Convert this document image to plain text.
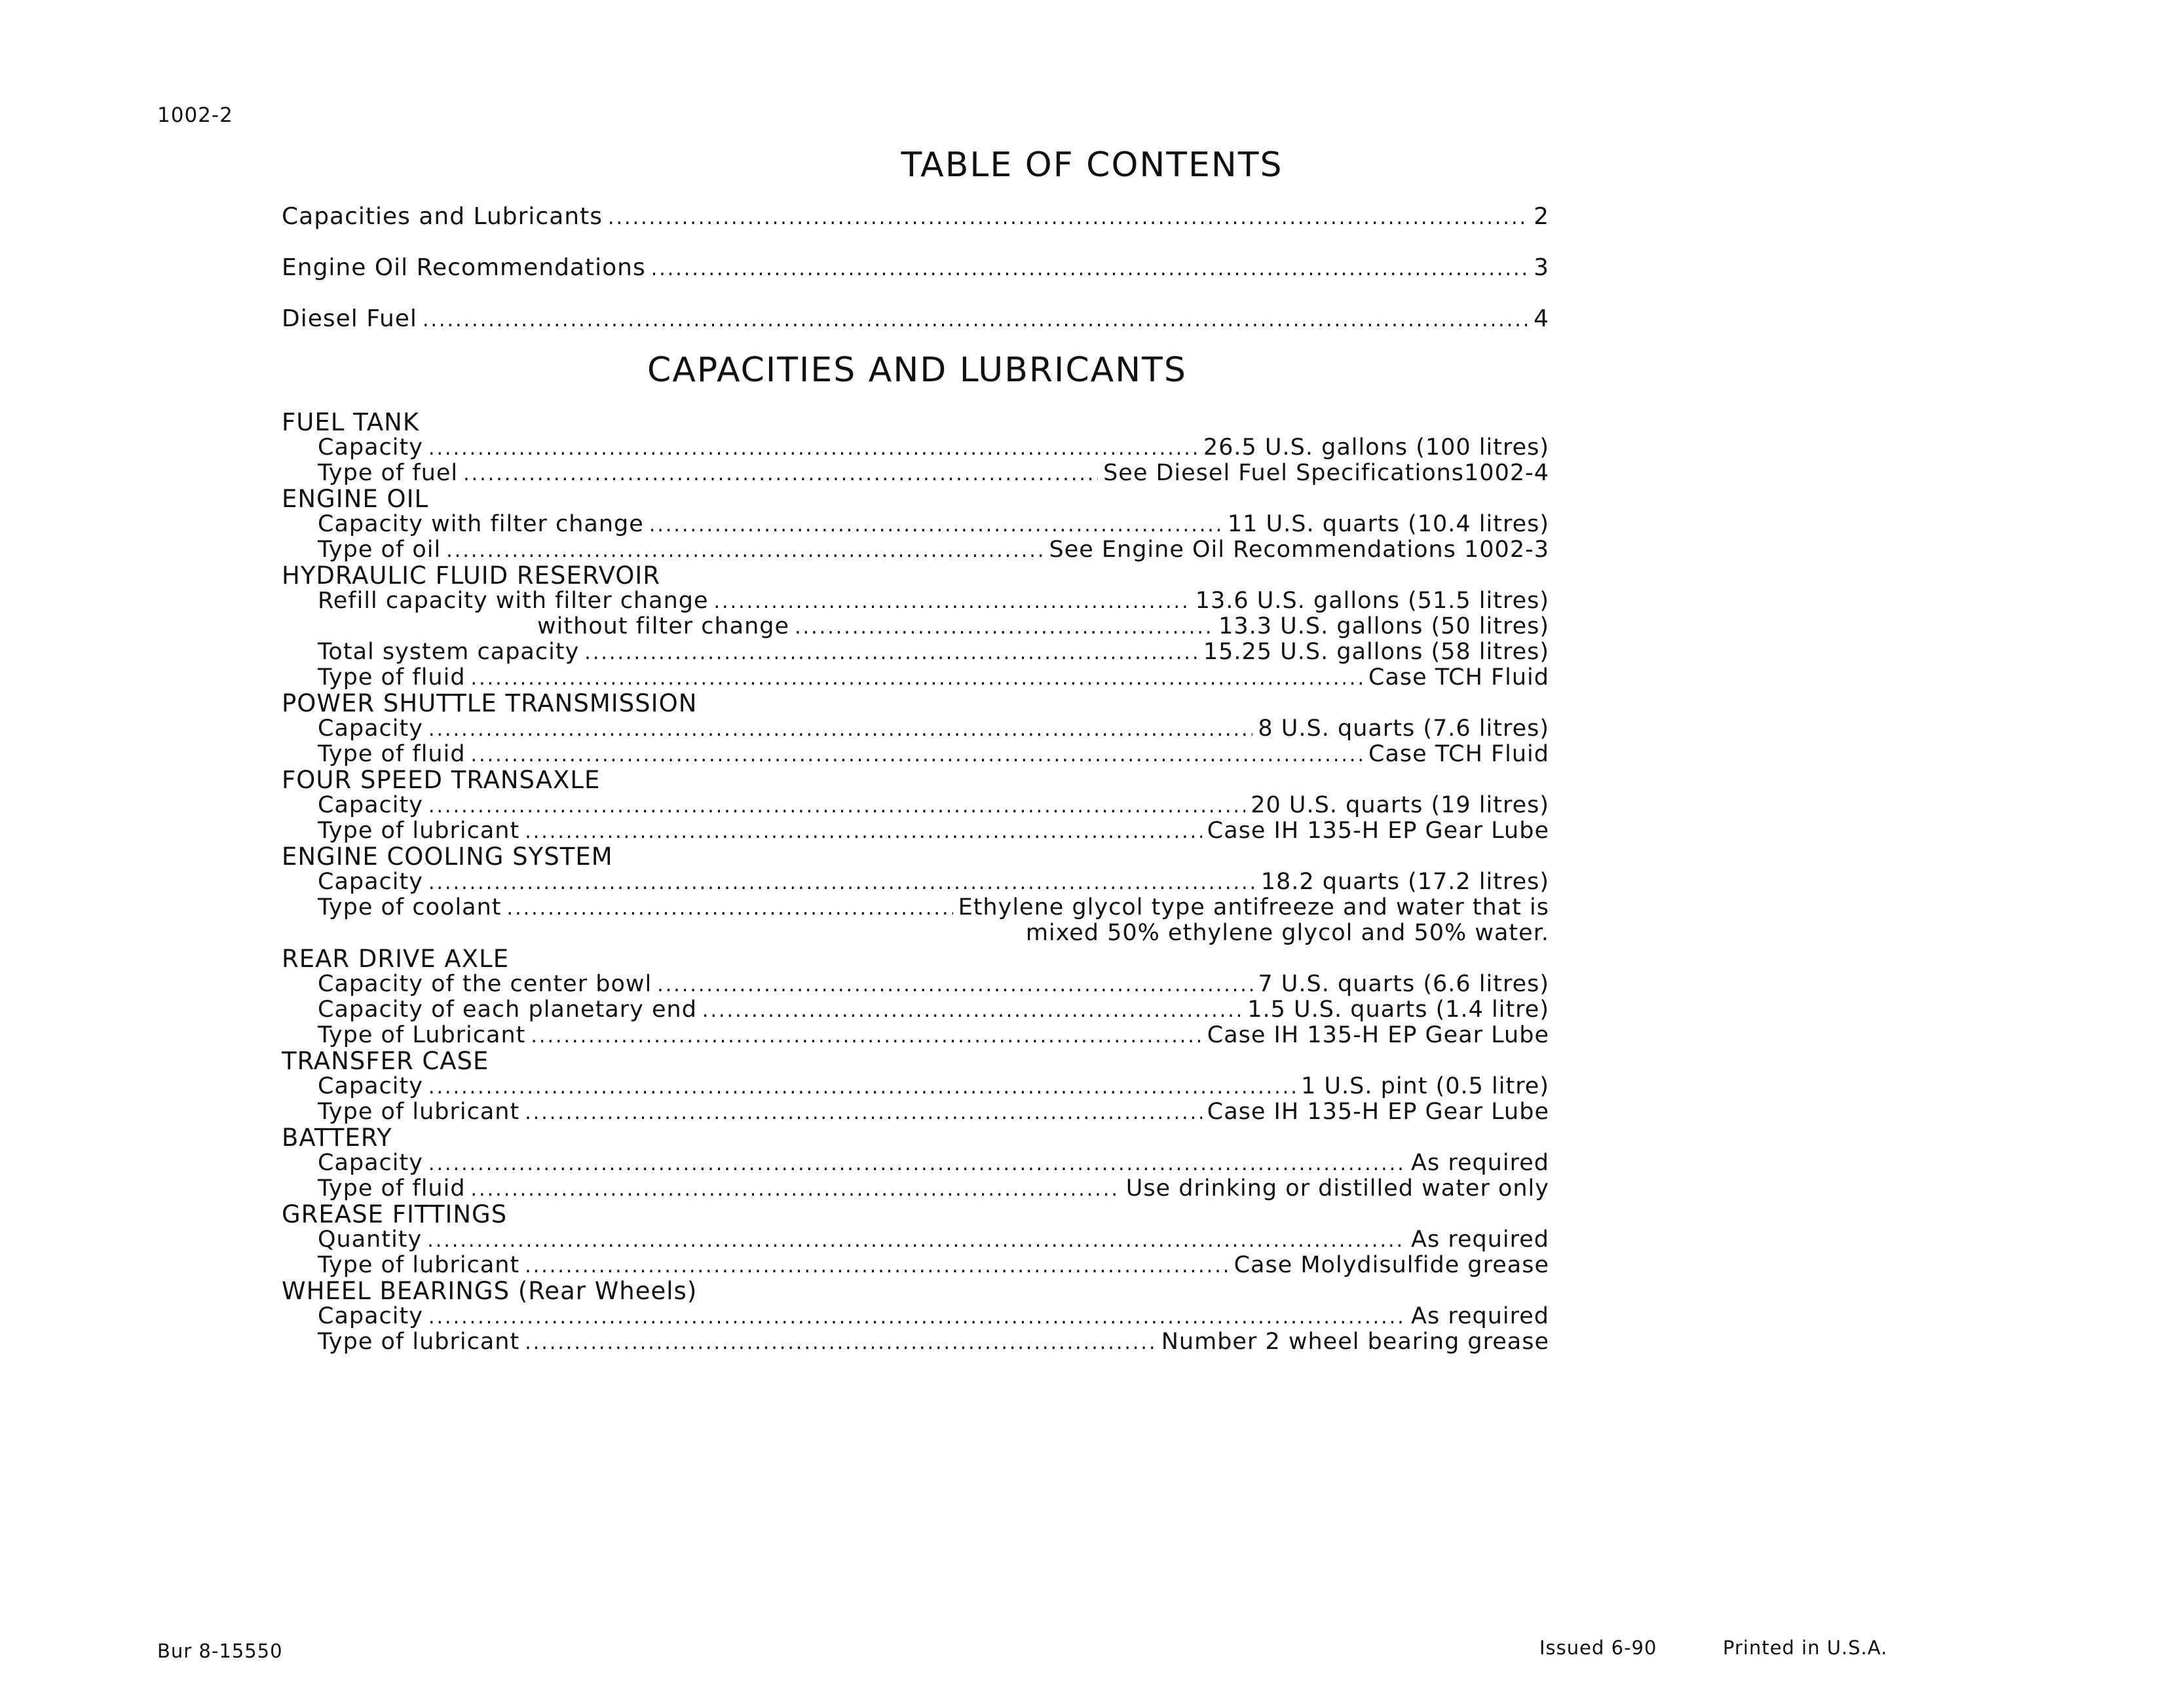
1002-2
TABLE OF CONTENTS
Capacities and Lubricants .....	2
Engine Oil Recommendations .....	3
Diesel Fuel .....	4
CAPACITIES AND LUBRICANTS
FUEL TANK
Capacity .....	26.5 U.S. gallons (100 litres)
Type of fuel .....	See Diesel Fuel Specifications1002-4
ENGINE OIL
Capacity with filter change .....	11 U.S. quarts (10.4 litres)
Type of oil .....	See Engine Oil Recommendations 1002-3
HYDRAULIC FLUID RESERVOIR
Refill capacity with filter change .....	13.6 U.S. gallons (51.5 litres)
without filter change .....	13.3 U.S. gallons (50 litres)
Total system capacity .....	15.25 U.S. gallons (58 litres)
Type of fluid .....	Case TCH Fluid
POWER SHUTTLE TRANSMISSION
Capacity .....	8 U.S. quarts (7.6 litres)
Type of fluid .....	Case TCH Fluid
FOUR SPEED TRANSAXLE
Capacity .....	20 U.S. quarts (19 litres)
Type of lubricant .....	Case IH 135-H EP Gear Lube
ENGINE COOLING SYSTEM
Capacity .....	18.2 quarts (17.2 litres)
Type of coolant .....	Ethylene glycol type antifreeze and water that is
mixed 50% ethylene glycol and 50% water.
REAR DRIVE AXLE
Capacity of the center bowl .....	7 U.S. quarts (6.6 litres)
Capacity of each planetary end .....	1.5 U.S. quarts (1.4 litre)
Type of Lubricant .....	Case IH 135-H EP Gear Lube
TRANSFER CASE
Capacity .....	1 U.S. pint (0.5 litre)
Type of lubricant .....	Case IH 135-H EP Gear Lube
BATTERY
Capacity .....	As required
Type of fluid .....	Use drinking or distilled water only
GREASE FITTINGS
Quantity .....	As required
Type of lubricant .....	Case Molydisulfide grease
WHEEL BEARINGS (Rear Wheels)
Capacity .....	As required
Type of lubricant .....	Number 2 wheel bearing grease
Bur 8-15550	Issued 6-90	Printed in U.S.A.
